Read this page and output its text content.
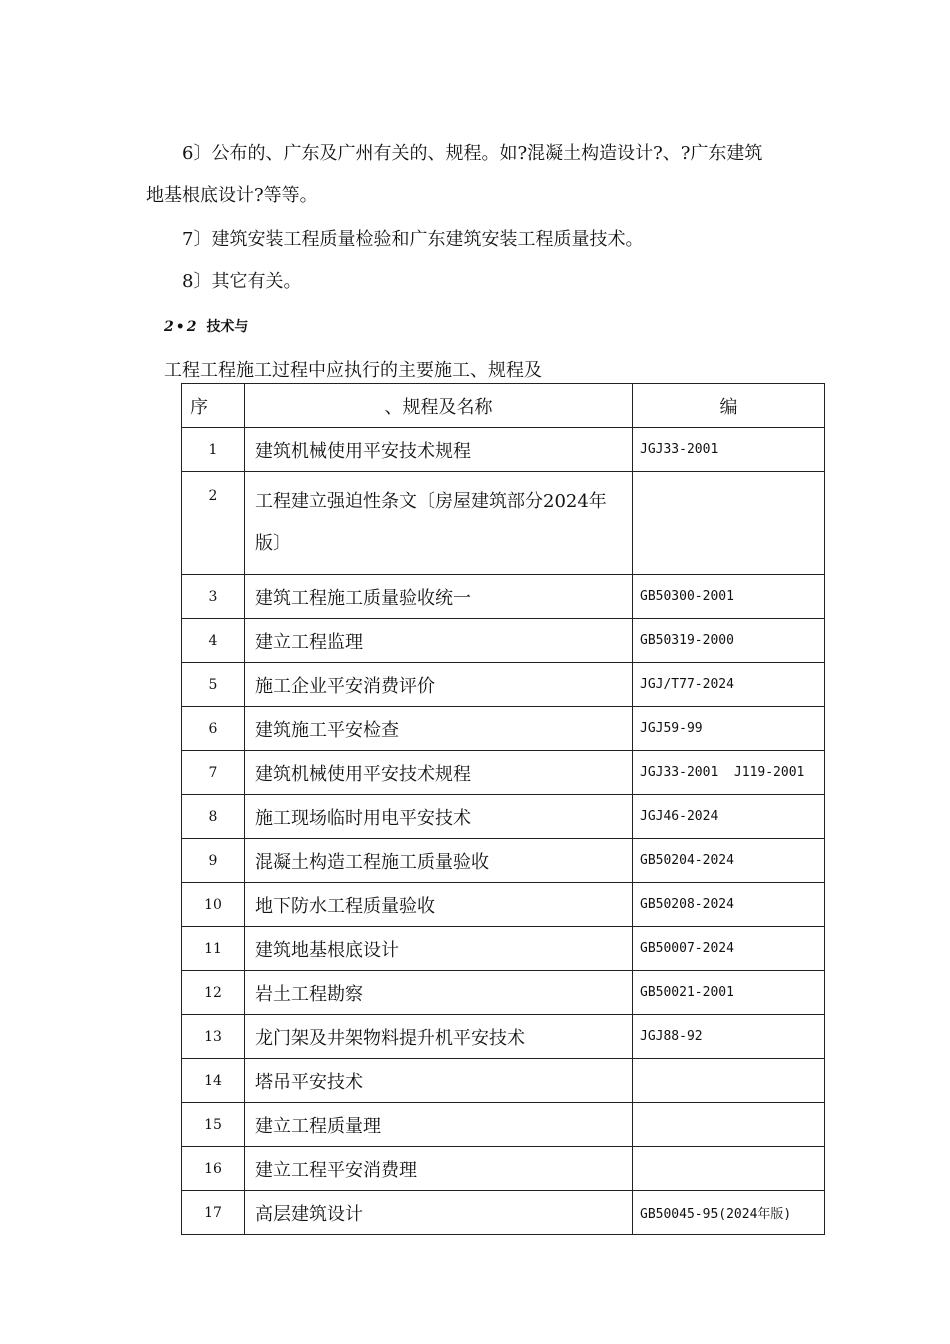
6〕公布的、广东及广州有关的、规程。如?混凝土构造设计?、?广东建筑
地基根底设计?等等。
7〕建筑安装工程质量检验和广东建筑安装工程质量技术。
8〕其它有关。
2•2 技术与
工程工程施工过程中应执行的主要施工、规程及
序	、规程及名称	编
1	建筑机械使用平安技术规程	JGJ33-2001
2	工程建立强迫性条文〔房屋建筑部分2024年版〕	
3	建筑工程施工质量验收统一	GB50300-2001
4	建立工程监理	GB50319-2000
5	施工企业平安消费评价	JGJ/T77-2024
6	建筑施工平安检查	JGJ59-99
7	建筑机械使用平安技术规程	JGJ33-2001  J119-2001
8	施工现场临时用电平安技术	JGJ46-2024
9	混凝土构造工程施工质量验收	GB50204-2024
10	地下防水工程质量验收	GB50208-2024
11	建筑地基根底设计	GB50007-2024
12	岩土工程勘察	GB50021-2001
13	龙门架及井架物料提升机平安技术	JGJ88-92
14	塔吊平安技术	
15	建立工程质量理	
16	建立工程平安消费理	
17	高层建筑设计	GB50045-95(2024年版)
